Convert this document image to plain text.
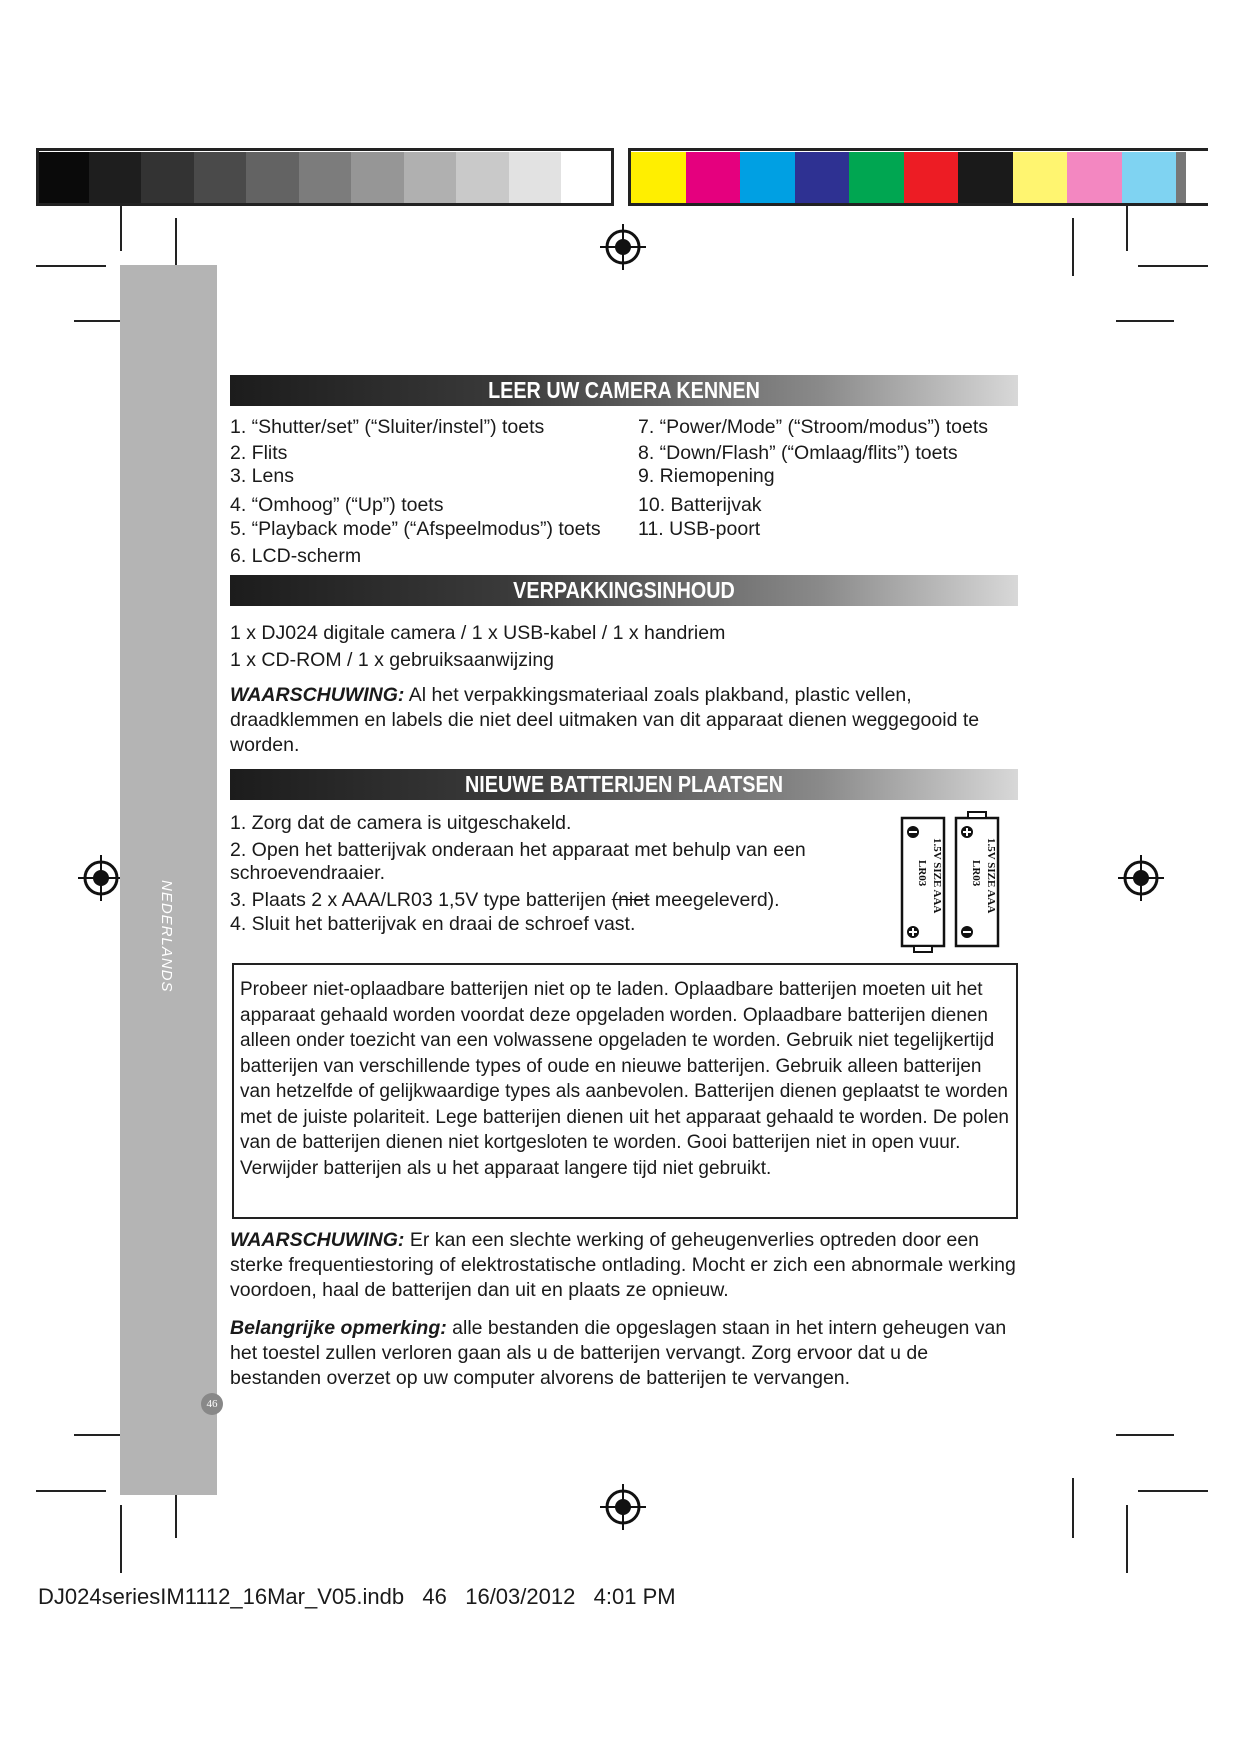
NEDERLANDS
LEER UW CAMERA KENNEN
1. “Shutter/set” (“Sluiter/instel”) toets
2. Flits
3. Lens
4. “Omhoog” (“Up”) toets
5. “Playback mode” (“Afspeelmodus”) toets
6. LCD-scherm
7. “Power/Mode” (“Stroom/modus”) toets
8. “Down/Flash” (“Omlaag/flits”) toets
9. Riemopening
10. Batterijvak
11. USB-poort
VERPAKKINGSINHOUD
1 x DJ024 digitale camera / 1 x USB-kabel / 1 x handriem
1 x CD-ROM / 1 x gebruiksaanwijzing
WAARSCHUWING: Al het verpakkingsmateriaal zoals plakband, plastic vellen, draadklemmen en labels die niet deel uitmaken van dit apparaat dienen weggegooid te worden.
NIEUWE BATTERIJEN PLAATSEN
1. Zorg dat de camera is uitgeschakeld.
2. Open het batterijvak onderaan het apparaat met behulp van een
schroevendraaier.
3. Plaats 2 x AAA/LR03 1,5V type batterijen (niet meegeleverd).
4. Sluit het batterijvak en draai de schroef vast.
1.5V SIZE AAA
LR03	1.5V SIZE AAA
LR03
Probeer niet-oplaadbare batterijen niet op te laden. Oplaadbare batterijen moeten uit het apparaat gehaald worden voordat deze opgeladen worden. Oplaadbare batterijen dienen alleen onder toezicht van een volwassene opgeladen te worden. Gebruik niet tegelijkertijd batterijen van verschillende types of oude en nieuwe batterijen. Gebruik alleen batterijen van hetzelfde of gelijkwaardige types als aanbevolen. Batterijen dienen geplaatst te worden met de juiste polariteit. Lege batterijen dienen uit het apparaat gehaald te worden. De polen van de batterijen dienen niet kortgesloten te worden. Gooi batterijen niet in open vuur. Verwijder batterijen als u het apparaat langere tijd niet gebruikt.
WAARSCHUWING: Er kan een slechte werking of geheugenverlies optreden door een sterke frequentiestoring of elektrostatische ontlading. Mocht er zich een abnormale werking voordoen, haal de batterijen dan uit en plaats ze opnieuw.
Belangrijke opmerking: alle bestanden die opgeslagen staan in het intern geheugen van het toestel zullen verloren gaan als u de batterijen vervangt. Zorg ervoor dat u de bestanden overzet op uw computer alvorens de batterijen te vervangen.
46
DJ024seriesIM1112_16Mar_V05.indb   46   16/03/2012   4:01 PM
